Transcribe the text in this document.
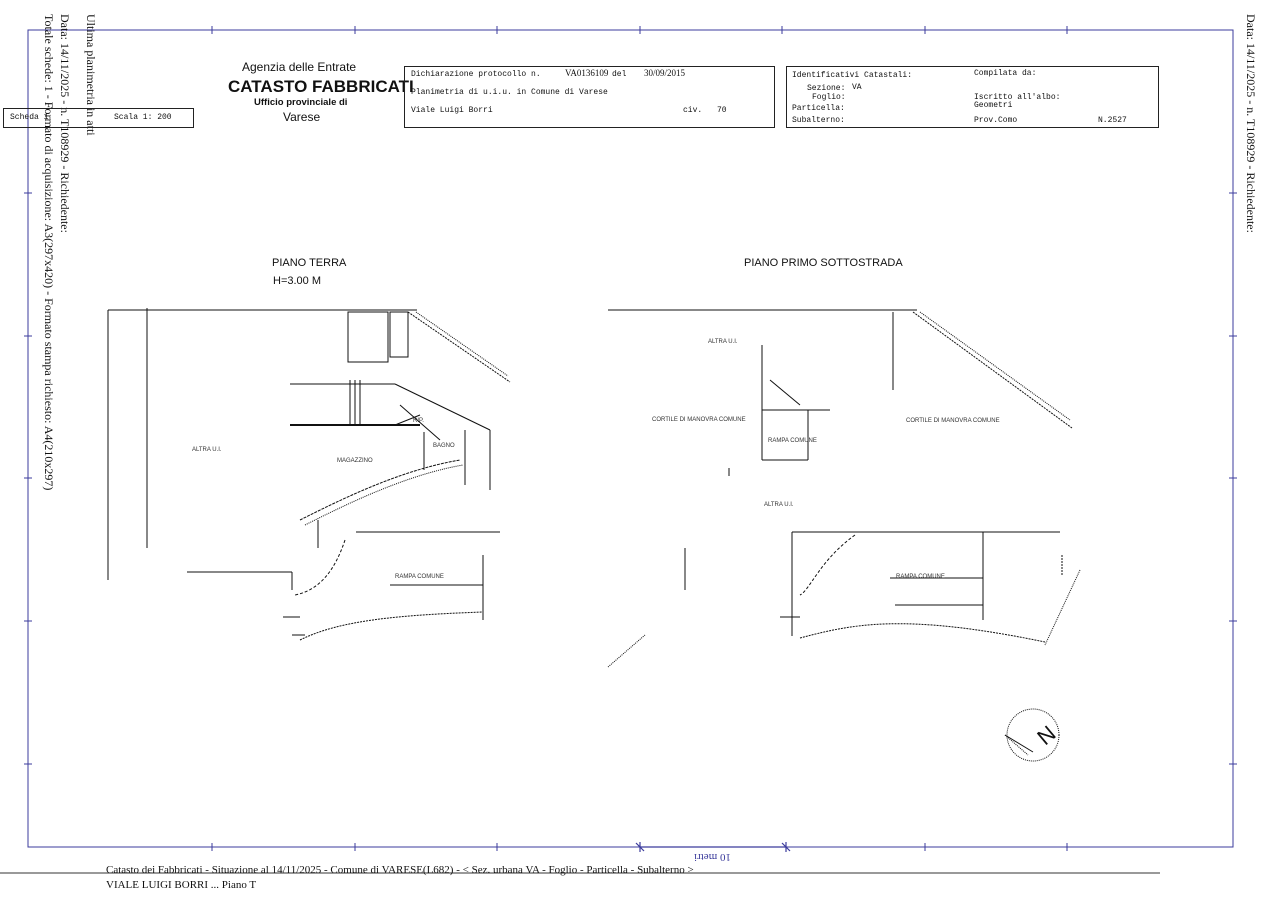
Ultima planimetria in atti
Data: 14/11/2025 - n. T108929 - Richiedente:
Totale schede: 1 - Formato di acquisizione: A3(297x420) - Formato stampa richiesto: A4(210x297)	Data: 14/11/2025 - n. T108929 - Richiedente:
Agenzia delle Entrate
CATASTO FABBRICATI
Ufficio provinciale di
Varese
Scheda 1	Scala 1: 200
Dichiarazione protocollo n.	VA0136109 del 30/09/2015
Planimetria di u.i.u. in Comune di Varese
Viale Luigi Borri	civ. 70
Identificativi Catastali:
Sezione: VA
Foglio:
Particella:
Subalterno:
Compilata da:
Iscritto all'albo:
Geometri
Prov.Como	N.2527
PIANO TERRA
H=3.00 M
PIANO PRIMO SOTTOSTRADA
N
ALTRA U.I.
MAGAZZINO
BAGNO
RIP.
RAMPA COMUNE
ALTRA U.I.
CORTILE DI MANOVRA COMUNE	CORTILE DI MANOVRA COMUNE
RAMPA COMUNE
ALTRA U.I.
RAMPA COMUNE
10 metri
Catasto dei Fabbricati - Situazione al 14/11/2025 - Comune di VARESE(L682) - < Sez. urbana VA - Foglio - Particella - Subalterno >
VIALE LUIGI BORRI ... Piano T
